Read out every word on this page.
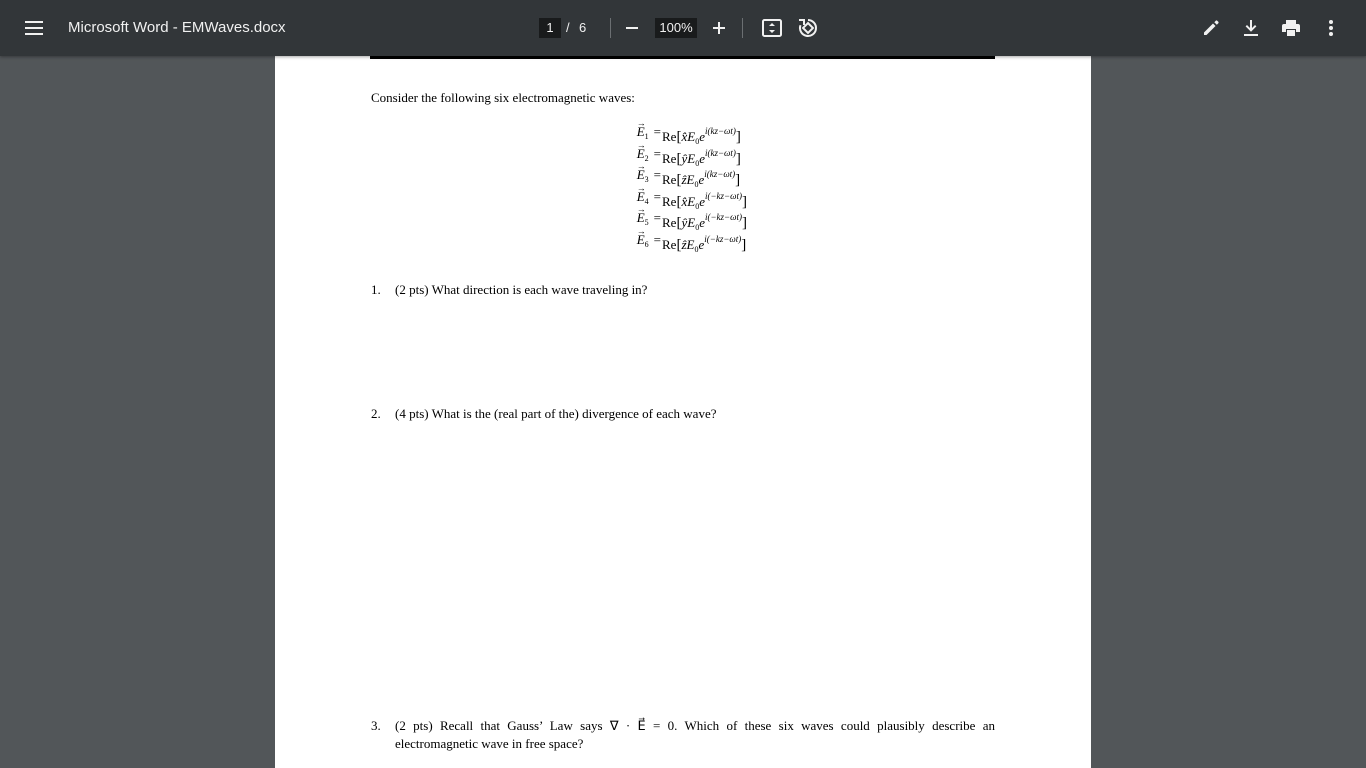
Microsoft Word - EMWaves.docx	1 / 6	100%
Consider the following six electromagnetic waves:
→ $E_1$ = $Re[x̂E_0e^{i(kz-\omega t)}]$
→ $E_2$ = $Re[ŷE_0e^{i(kz-\omega t)}]$
→ $E_3$ = $Re[ẑE_0e^{i(kz-\omega t)}]$
→ $E_4$ = $Re[x̂E_0e^{i(-kz-\omega t)}]$
→ $E_5$ = $Re[ŷE_0e^{i(-kz-\omega t)}]$
→ $E_6$ = $Re[ẑE_0e^{i(-kz-\omega t)}]$
1. (2 pts) What direction is each wave traveling in?
2. (4 pts) What is the (real part of the) divergence of each wave?
3. (2 pts) Recall that Gauss’ Law says ∇ · E⃗ = 0. Which of these six waves could plausibly describe an
electromagnetic wave in free space?
